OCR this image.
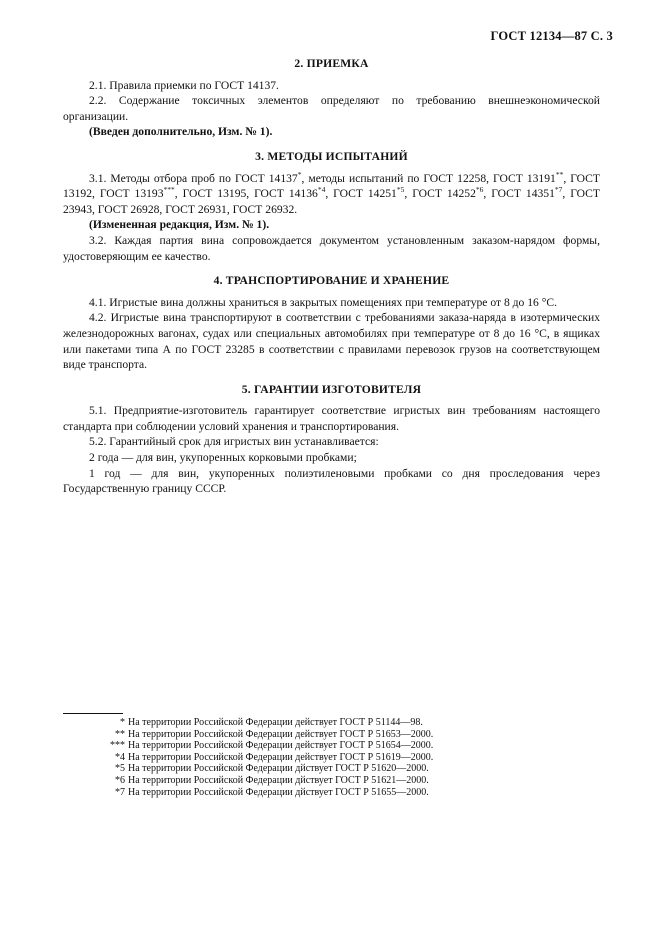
ГОСТ 12134—87 С. 3
2. ПРИЕМКА

2.1. Правила приемки по ГОСТ 14137.

2.2. Содержание токсичных элементов определяют по требованию внешнеэкономической организации.

(Введен дополнительно, Изм. № 1).

3. МЕТОДЫ ИСПЫТАНИЙ

3.1. Методы отбора проб по ГОСТ 14137*, методы испытаний по ГОСТ 12258, ГОСТ 13191**, ГОСТ 13192, ГОСТ 13193***, ГОСТ 13195, ГОСТ 14136$^{*4}$, ГОСТ 14251$^{*5}$, ГОСТ 14252$^{*6}$, ГОСТ 14351$^{*7}$, ГОСТ 23943, ГОСТ 26928, ГОСТ 26931, ГОСТ 26932.

(Измененная редакция, Изм. № 1).

3.2. Каждая партия вина сопровождается документом установленным заказом-нарядом формы, удостоверяющим ее качество.

4. ТРАНСПОРТИРОВАНИЕ И ХРАНЕНИЕ

4.1. Игристые вина должны храниться в закрытых помещениях при температуре от 8 до 16 °С.

4.2. Игристые вина транспортируют в соответствии с требованиями заказа-наряда в изотермических железнодорожных вагонах, судах или специальных автомобилях при температуре от 8 до 16 °С, в ящиках или пакетами типа А по ГОСТ 23285 в соответствии с правилами перевозок грузов на соответствующем виде транспорта.

5. ГАРАНТИИ ИЗГОТОВИТЕЛЯ

5.1. Предприятие-изготовитель гарантирует соответствие игристых вин требованиям настоящего стандарта при соблюдении условий хранения и транспортирования.

5.2. Гарантийный срок для игристых вин устанавливается:

2 года — для вин, укупоренных корковыми пробками;

1 год — для вин, укупоренных полиэтиленовыми пробками со дня проследования через Государственную границу СССР.

* На территории Российской Федерации действует ГОСТ Р 51144—98.
** На территории Российской Федерации действует ГОСТ Р 51653—2000.
*** На территории Российской Федерации действует ГОСТ Р 51654—2000.
*4 На территории Российской Федерации действует ГОСТ Р 51619—2000.
*5 На территории Российской Федерации дйствует ГОСТ Р 51620—2000.
*6 На территории Российской Федерации дйствует ГОСТ Р 51621—2000.
*7 На территории Российской Федерации дйствует ГОСТ Р 51655—2000.
